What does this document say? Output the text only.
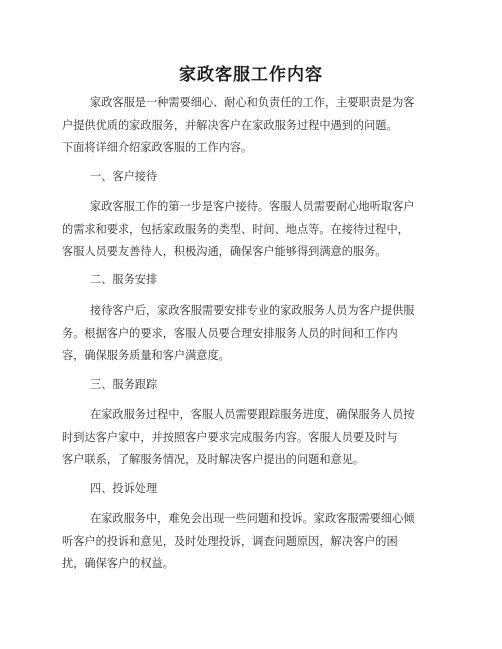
家政客服工作内容
家政客服是一种需要细心、耐心和负责任的工作，主要职责是为客
户提供优质的家政服务，并解决客户在家政服务过程中遇到的问题。
下面将详细介绍家政客服的工作内容。
一、客户接待
家政客服工作的第一步是客户接待。客服人员需要耐心地听取客户
的需求和要求，包括家政服务的类型、时间、地点等。在接待过程中，
客服人员要友善待人，积极沟通，确保客户能够得到满意的服务。
二、服务安排
接待客户后，家政客服需要安排专业的家政服务人员为客户提供服
务。根据客户的要求，客服人员要合理安排服务人员的时间和工作内
容，确保服务质量和客户满意度。
三、服务跟踪
在家政服务过程中，客服人员需要跟踪服务进度，确保服务人员按
时到达客户家中，并按照客户要求完成服务内容。客服人员要及时与
客户联系，了解服务情况，及时解决客户提出的问题和意见。
四、投诉处理
在家政服务中，难免会出现一些问题和投诉。家政客服需要细心倾
听客户的投诉和意见，及时处理投诉，调查问题原因，解决客户的困
扰，确保客户的权益。
